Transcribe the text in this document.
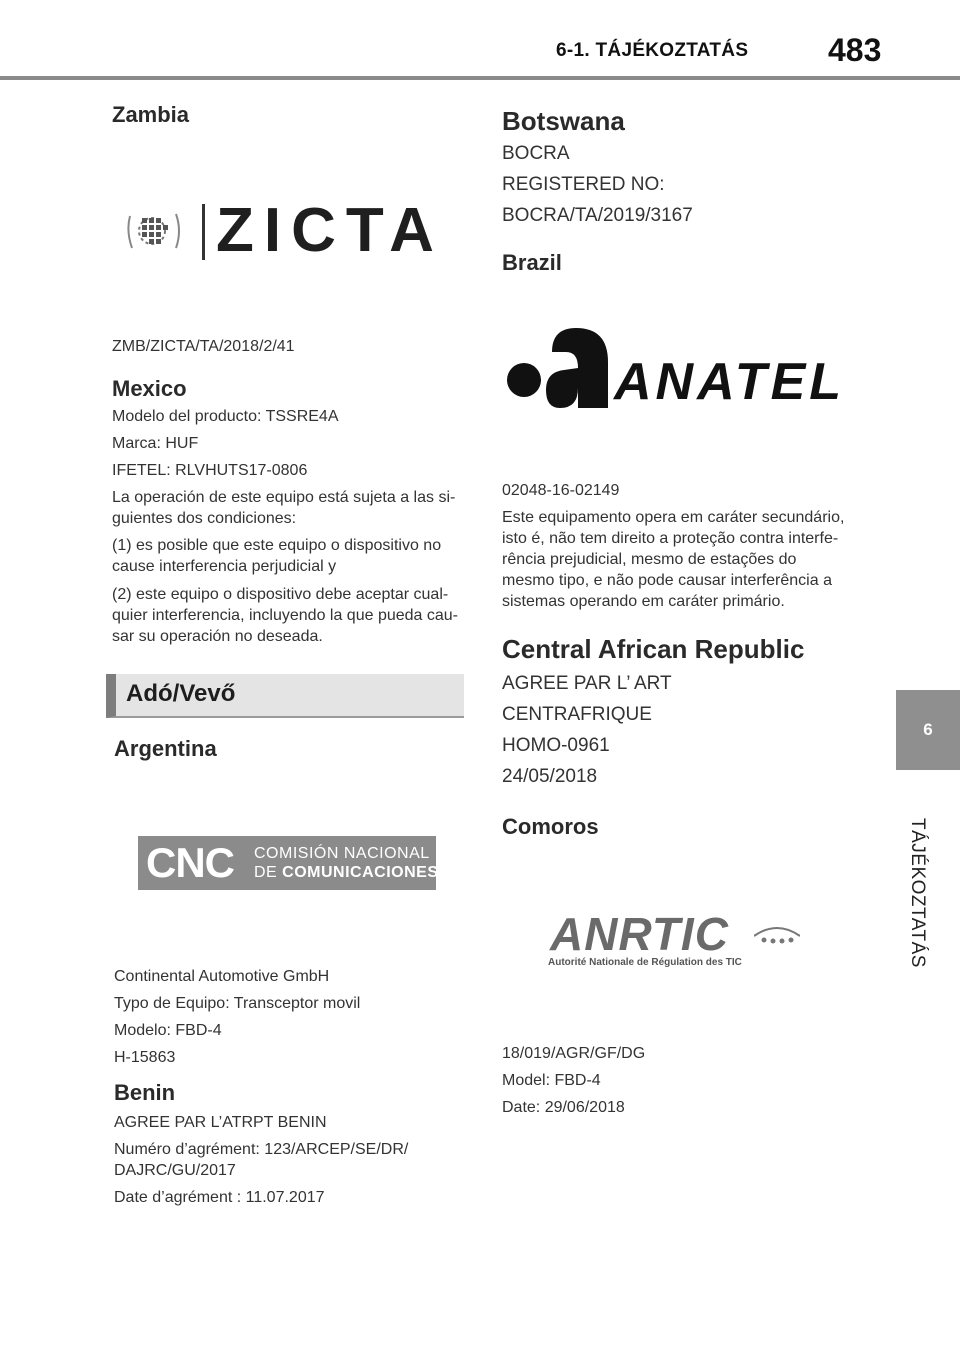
6-1. TÁJÉKOZTATÁS 483
6
TÁJÉKOZTATÁS
Zambia
ZICTA

ZMB/ZICTA/TA/2018/2/41

Mexico

Modelo del producto: TSSRE4A

Marca: HUF

IFETEL: RLVHUTS17-0806

La operación de este equipo está sujeta a las si-guientes dos condiciones:

(1) es posible que este equipo o dispositivo no cause interferencia perjudicial y

(2) este equipo o dispositivo debe aceptar cual-quier interferencia, incluyendo la que pueda cau-sar su operación no deseada.

Adó/Vevő
Argentina
CNC COMISIÓN NACIONAL
DE COMUNICACIONES

Continental Automotive GmbH

Typo de Equipo: Transceptor movil

Modelo: FBD-4

H-15863

Benin

AGREE PAR L’ATRPT BENIN

Numéro d’agrément: 123/ARCEP/SE/DR/ DAJRC/GU/2017

Date d’agrément : 11.07.2017

Botswana

BOCRA

REGISTERED NO:

BOCRA/TA/2019/3167

Brazil
ANATEL

02048-16-02149

Este equipamento opera em caráter secundário, isto é, não tem direito a proteção contra interfe-rência prejudicial, mesmo de estações do mesmo tipo, e não pode causar interferência a sistemas operando em caráter primário.

Central African Republic

AGREE PAR L’ ART

CENTRAFRIQUE

HOMO-0961

24/05/2018

Comoros
ANRTIC
Autorité Nationale de Régulation des TIC

18/019/AGR/GF/DG

Model: FBD-4

Date: 29/06/2018
